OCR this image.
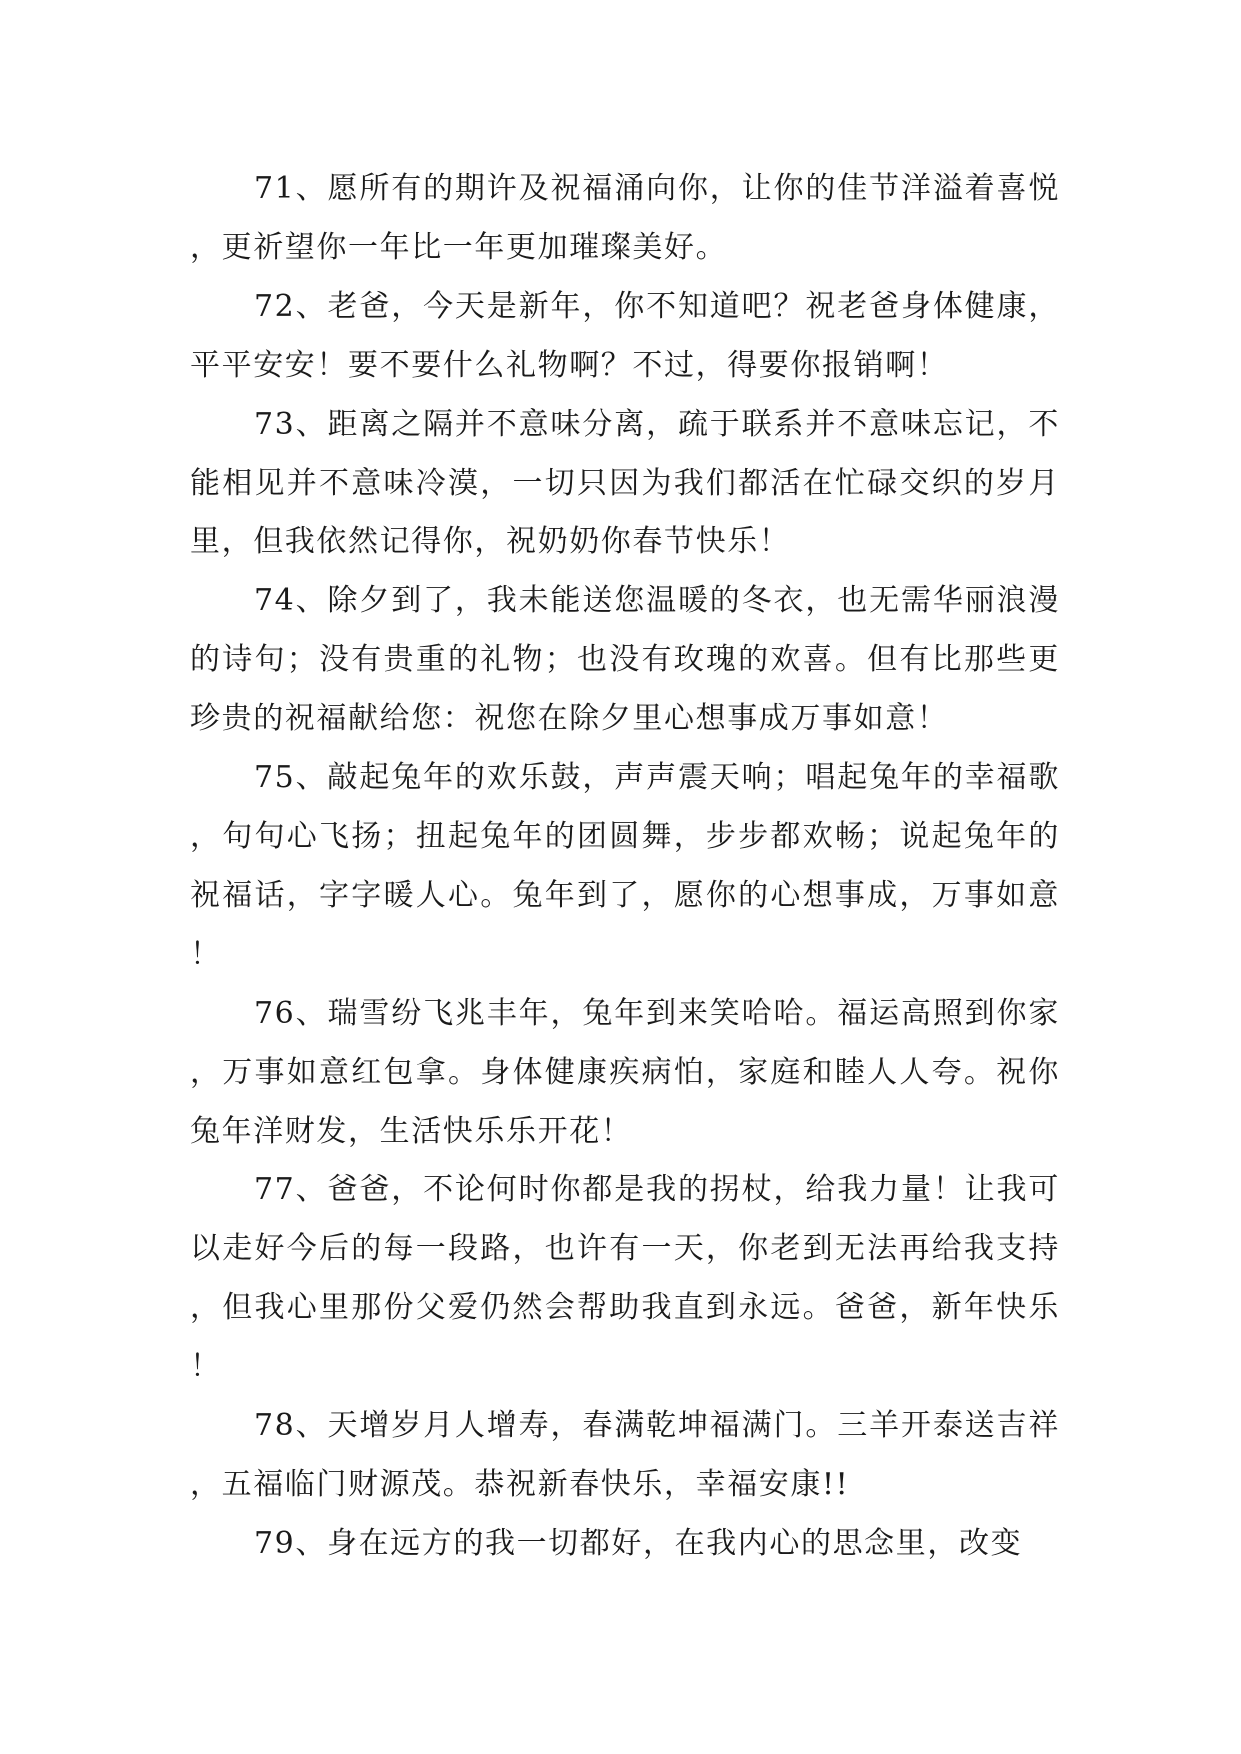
71、愿所有的期许及祝福涌向你，让你的佳节洋溢着喜悦，更祈望你一年比一年更加璀璨美好。

72、老爸，今天是新年，你不知道吧？祝老爸身体健康，平平安安！要不要什么礼物啊？不过，得要你报销啊！

73、距离之隔并不意味分离，疏于联系并不意味忘记，不能相见并不意味冷漠，一切只因为我们都活在忙碌交织的岁月里，但我依然记得你，祝奶奶你春节快乐！

74、除夕到了，我未能送您温暖的冬衣，也无需华丽浪漫的诗句；没有贵重的礼物；也没有玫瑰的欢喜。但有比那些更珍贵的祝福献给您：祝您在除夕里心想事成万事如意！

75、敲起兔年的欢乐鼓，声声震天响；唱起兔年的幸福歌，句句心飞扬；扭起兔年的团圆舞，步步都欢畅；说起兔年的祝福话，字字暖人心。兔年到了，愿你的心想事成，万事如意！

76、瑞雪纷飞兆丰年，兔年到来笑哈哈。福运高照到你家，万事如意红包拿。身体健康疾病怕，家庭和睦人人夸。祝你兔年洋财发，生活快乐乐开花！

77、爸爸，不论何时你都是我的拐杖，给我力量！让我可以走好今后的每一段路，也许有一天，你老到无法再给我支持，但我心里那份父爱仍然会帮助我直到永远。爸爸，新年快乐！

78、天增岁月人增寿，春满乾坤福满门。三羊开泰送吉祥，五福临门财源茂。恭祝新春快乐，幸福安康!!

79、身在远方的我一切都好，在我内心的思念里，改变
